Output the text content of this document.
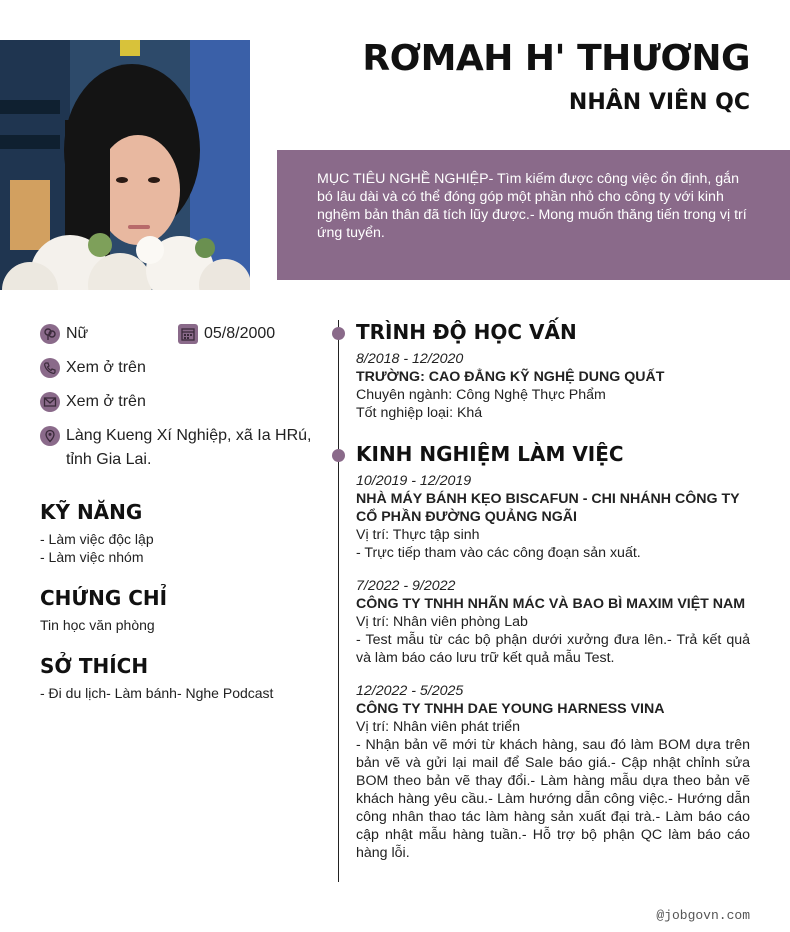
RƠMAH H' THƯƠNG
NHÂN VIÊN QC
MỤC TIÊU NGHỀ NGHIỆP- Tìm kiếm được công việc ổn định, gắn bó lâu dài và có thể đóng góp một phần nhỏ cho công ty với kinh nghệm bản thân đã tích lũy được.- Mong muốn thăng tiến trong vị trí ứng tuyển.
Nữ	05/8/2000
Xem ở trên
Xem ở trên
Làng Kueng Xí Nghiệp, xã Ia HRú, tỉnh Gia Lai.
KỸ NĂNG
- Làm việc độc lập
- Làm việc nhóm
CHỨNG CHỈ
Tin học văn phòng
SỞ THÍCH
- Đi du lịch- Làm bánh- Nghe Podcast
TRÌNH ĐỘ HỌC VẤN
8/2018 - 12/2020
TRƯỜNG: CAO ĐẲNG KỸ NGHỆ DUNG QUẤT
Chuyên ngành: Công Nghệ Thực Phẩm
Tốt nghiệp loại: Khá
KINH NGHIỆM LÀM VIỆC
10/2019 - 12/2019
NHÀ MÁY BÁNH KẸO BISCAFUN - CHI NHÁNH CÔNG TY CỔ PHẦN ĐƯỜNG QUẢNG NGÃI
Vị trí: Thực tập sinh
- Trực tiếp tham vào các công đoạn sản xuất.
7/2022 - 9/2022
CÔNG TY TNHH NHÃN MÁC VÀ BAO BÌ MAXIM VIỆT NAM
Vị trí: Nhân viên phòng Lab
- Test mẫu từ các bộ phận dưới xưởng đưa lên.- Trả kết quả và làm báo cáo lưu trữ kết quả mẫu Test.
12/2022 - 5/2025
CÔNG TY TNHH DAE YOUNG HARNESS VINA
Vị trí: Nhân viên phát triển
- Nhận bản vẽ mới từ khách hàng, sau đó làm BOM dựa trên bản vẽ và gửi lại mail để Sale báo giá.- Cập nhật chỉnh sửa BOM theo bản vẽ thay đổi.- Làm hàng mẫu dựa theo bản vẽ khách hàng yêu cầu.- Làm hướng dẫn công việc.- Hướng dẫn công nhân thao tác làm hàng sản xuất đại trà.- Làm báo cáo cập nhật mẫu hàng tuần.- Hỗ trợ bộ phận QC làm báo cáo hàng lỗi.
@jobgovn.com
